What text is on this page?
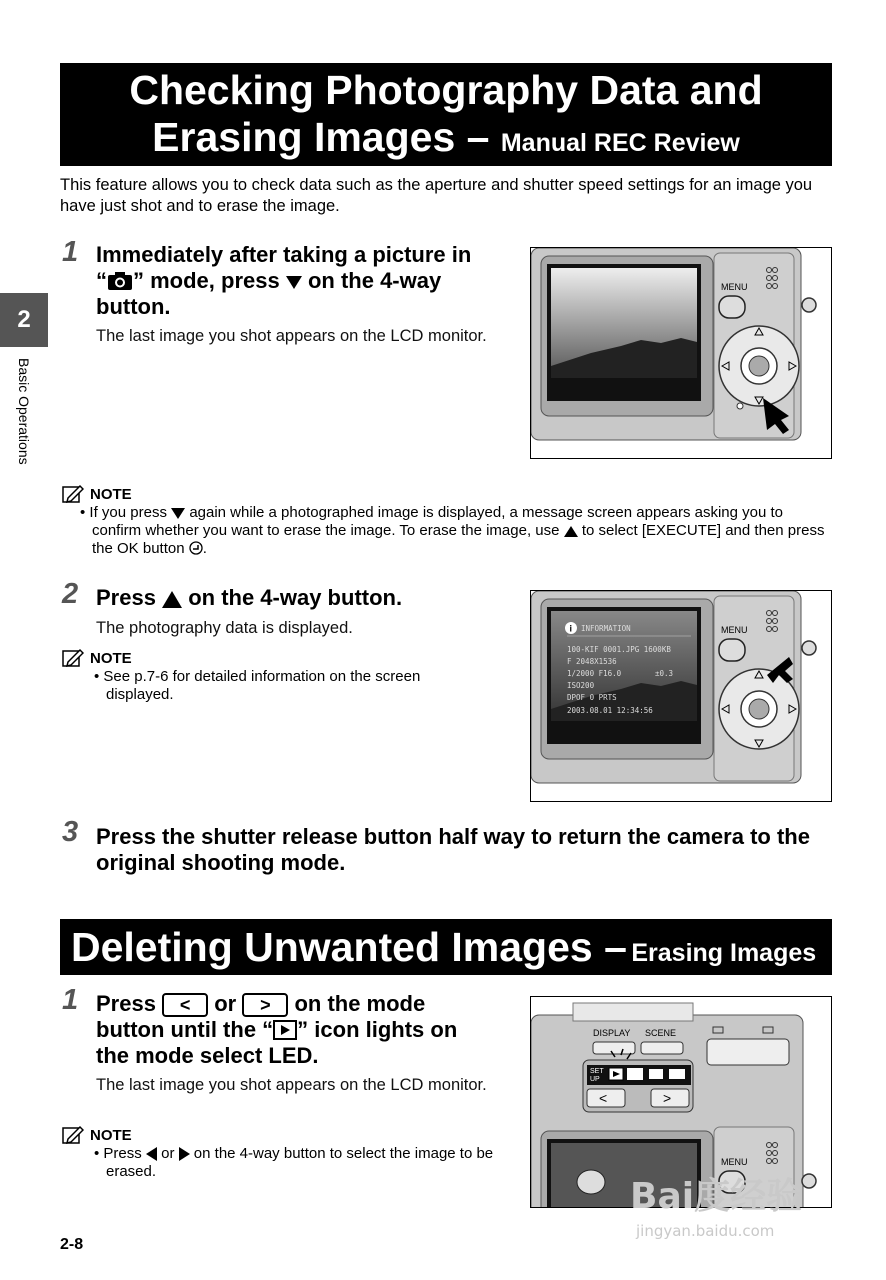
Checking Photography Data and
Erasing Images – Manual REC Review
This feature allows you to check data such as the aperture and shutter speed settings for an image you have just shot and to erase the image.
2
Basic Operations
1 Immediately after taking a picture in
“ ” mode, press on the 4-way
button.
The last image you shot appears on the LCD monitor.
MENU
NOTE
• If you press again while a photographed image is displayed, a message screen appears asking you to confirm whether you want to erase the image. To erase the image, use to select [EXECUTE] and then press the OK button .
2 Press on the 4-way button.
The photography data is displayed.
NOTE
• See p.7-6 for detailed information on the screen displayed.
i INFORMATION
100-KIF 0001.JPG 1600KB
F 2048X1536
1/2000 F16.0	±0.3
ISO200
DPOF 0 PRTS
2003.08.01 12:34:56
MENU
3 Press the shutter release button half way to return the camera to the original shooting mode.
Deleting Unwanted Images – Erasing Images
1 Press < or > on the mode
button until the “ ” icon lights on
the mode select LED.
The last image you shot appears on the LCD monitor.
NOTE
• Press or on the 4-way button to select the image to be erased.
DISPLAY SCENE
SET
UP
<	>
MENU
2-8
Bai度经验
jingyan.baidu.com
